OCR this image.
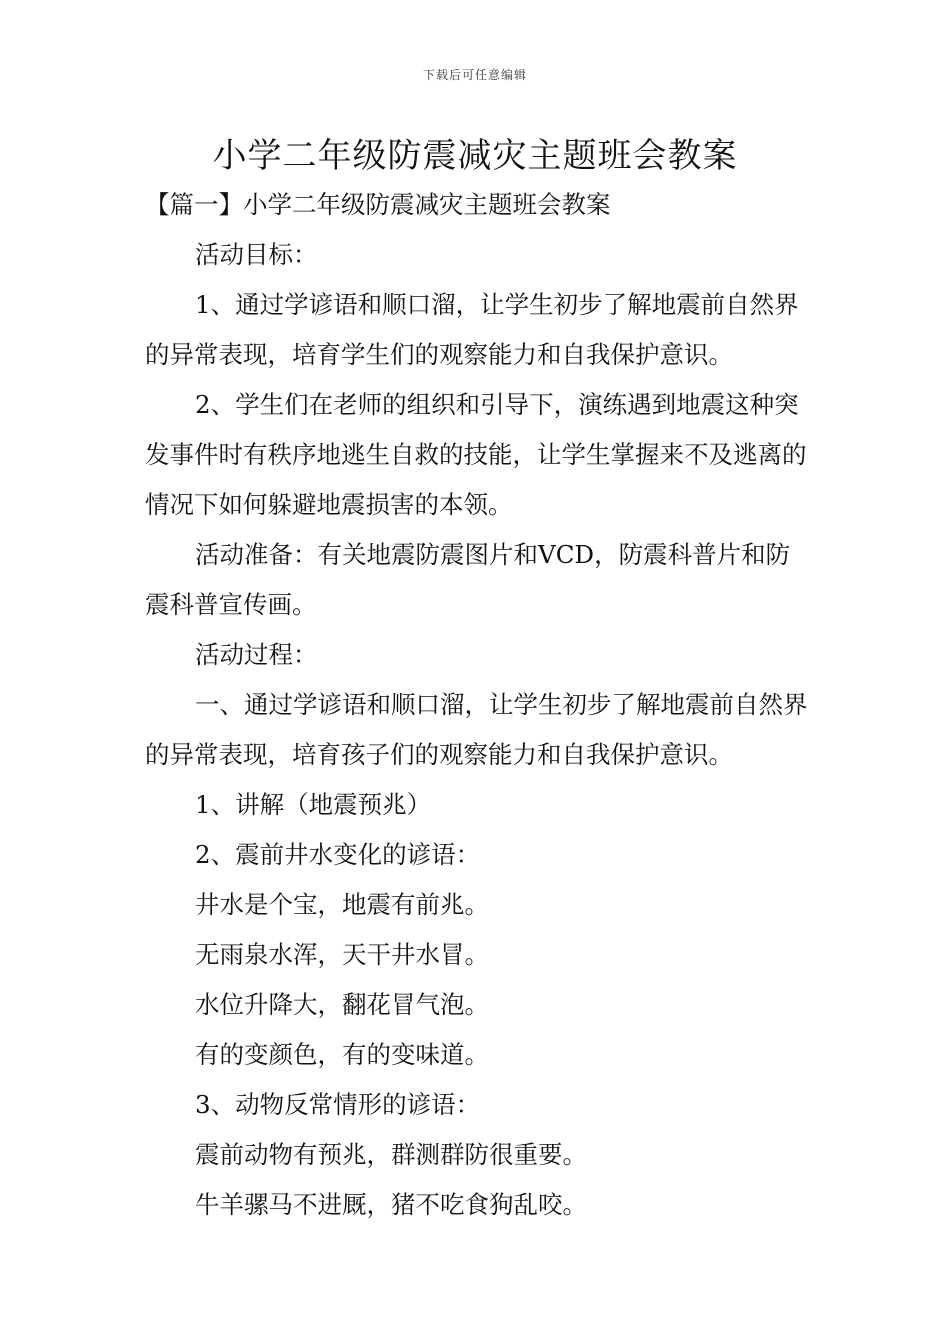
下载后可任意编辑
小学二年级防震减灾主题班会教案

【篇一】小学二年级防震减灾主题班会教案

活动目标：

1、通过学谚语和顺口溜，让学生初步了解地震前自然界的异常表现，培育学生们的观察能力和自我保护意识。

2、学生们在老师的组织和引导下，演练遇到地震这种突发事件时有秩序地逃生自救的技能，让学生掌握来不及逃离的情况下如何躲避地震损害的本领。

活动准备：有关地震防震图片和VCD，防震科普片和防震科普宣传画。

活动过程：

一、通过学谚语和顺口溜，让学生初步了解地震前自然界的异常表现，培育孩子们的观察能力和自我保护意识。

1、讲解（地震预兆）

2、震前井水变化的谚语：

井水是个宝，地震有前兆。

无雨泉水浑，天干井水冒。

水位升降大，翻花冒气泡。

有的变颜色，有的变味道。

3、动物反常情形的谚语：

震前动物有预兆，群测群防很重要。

牛羊骡马不进厩，猪不吃食狗乱咬。
